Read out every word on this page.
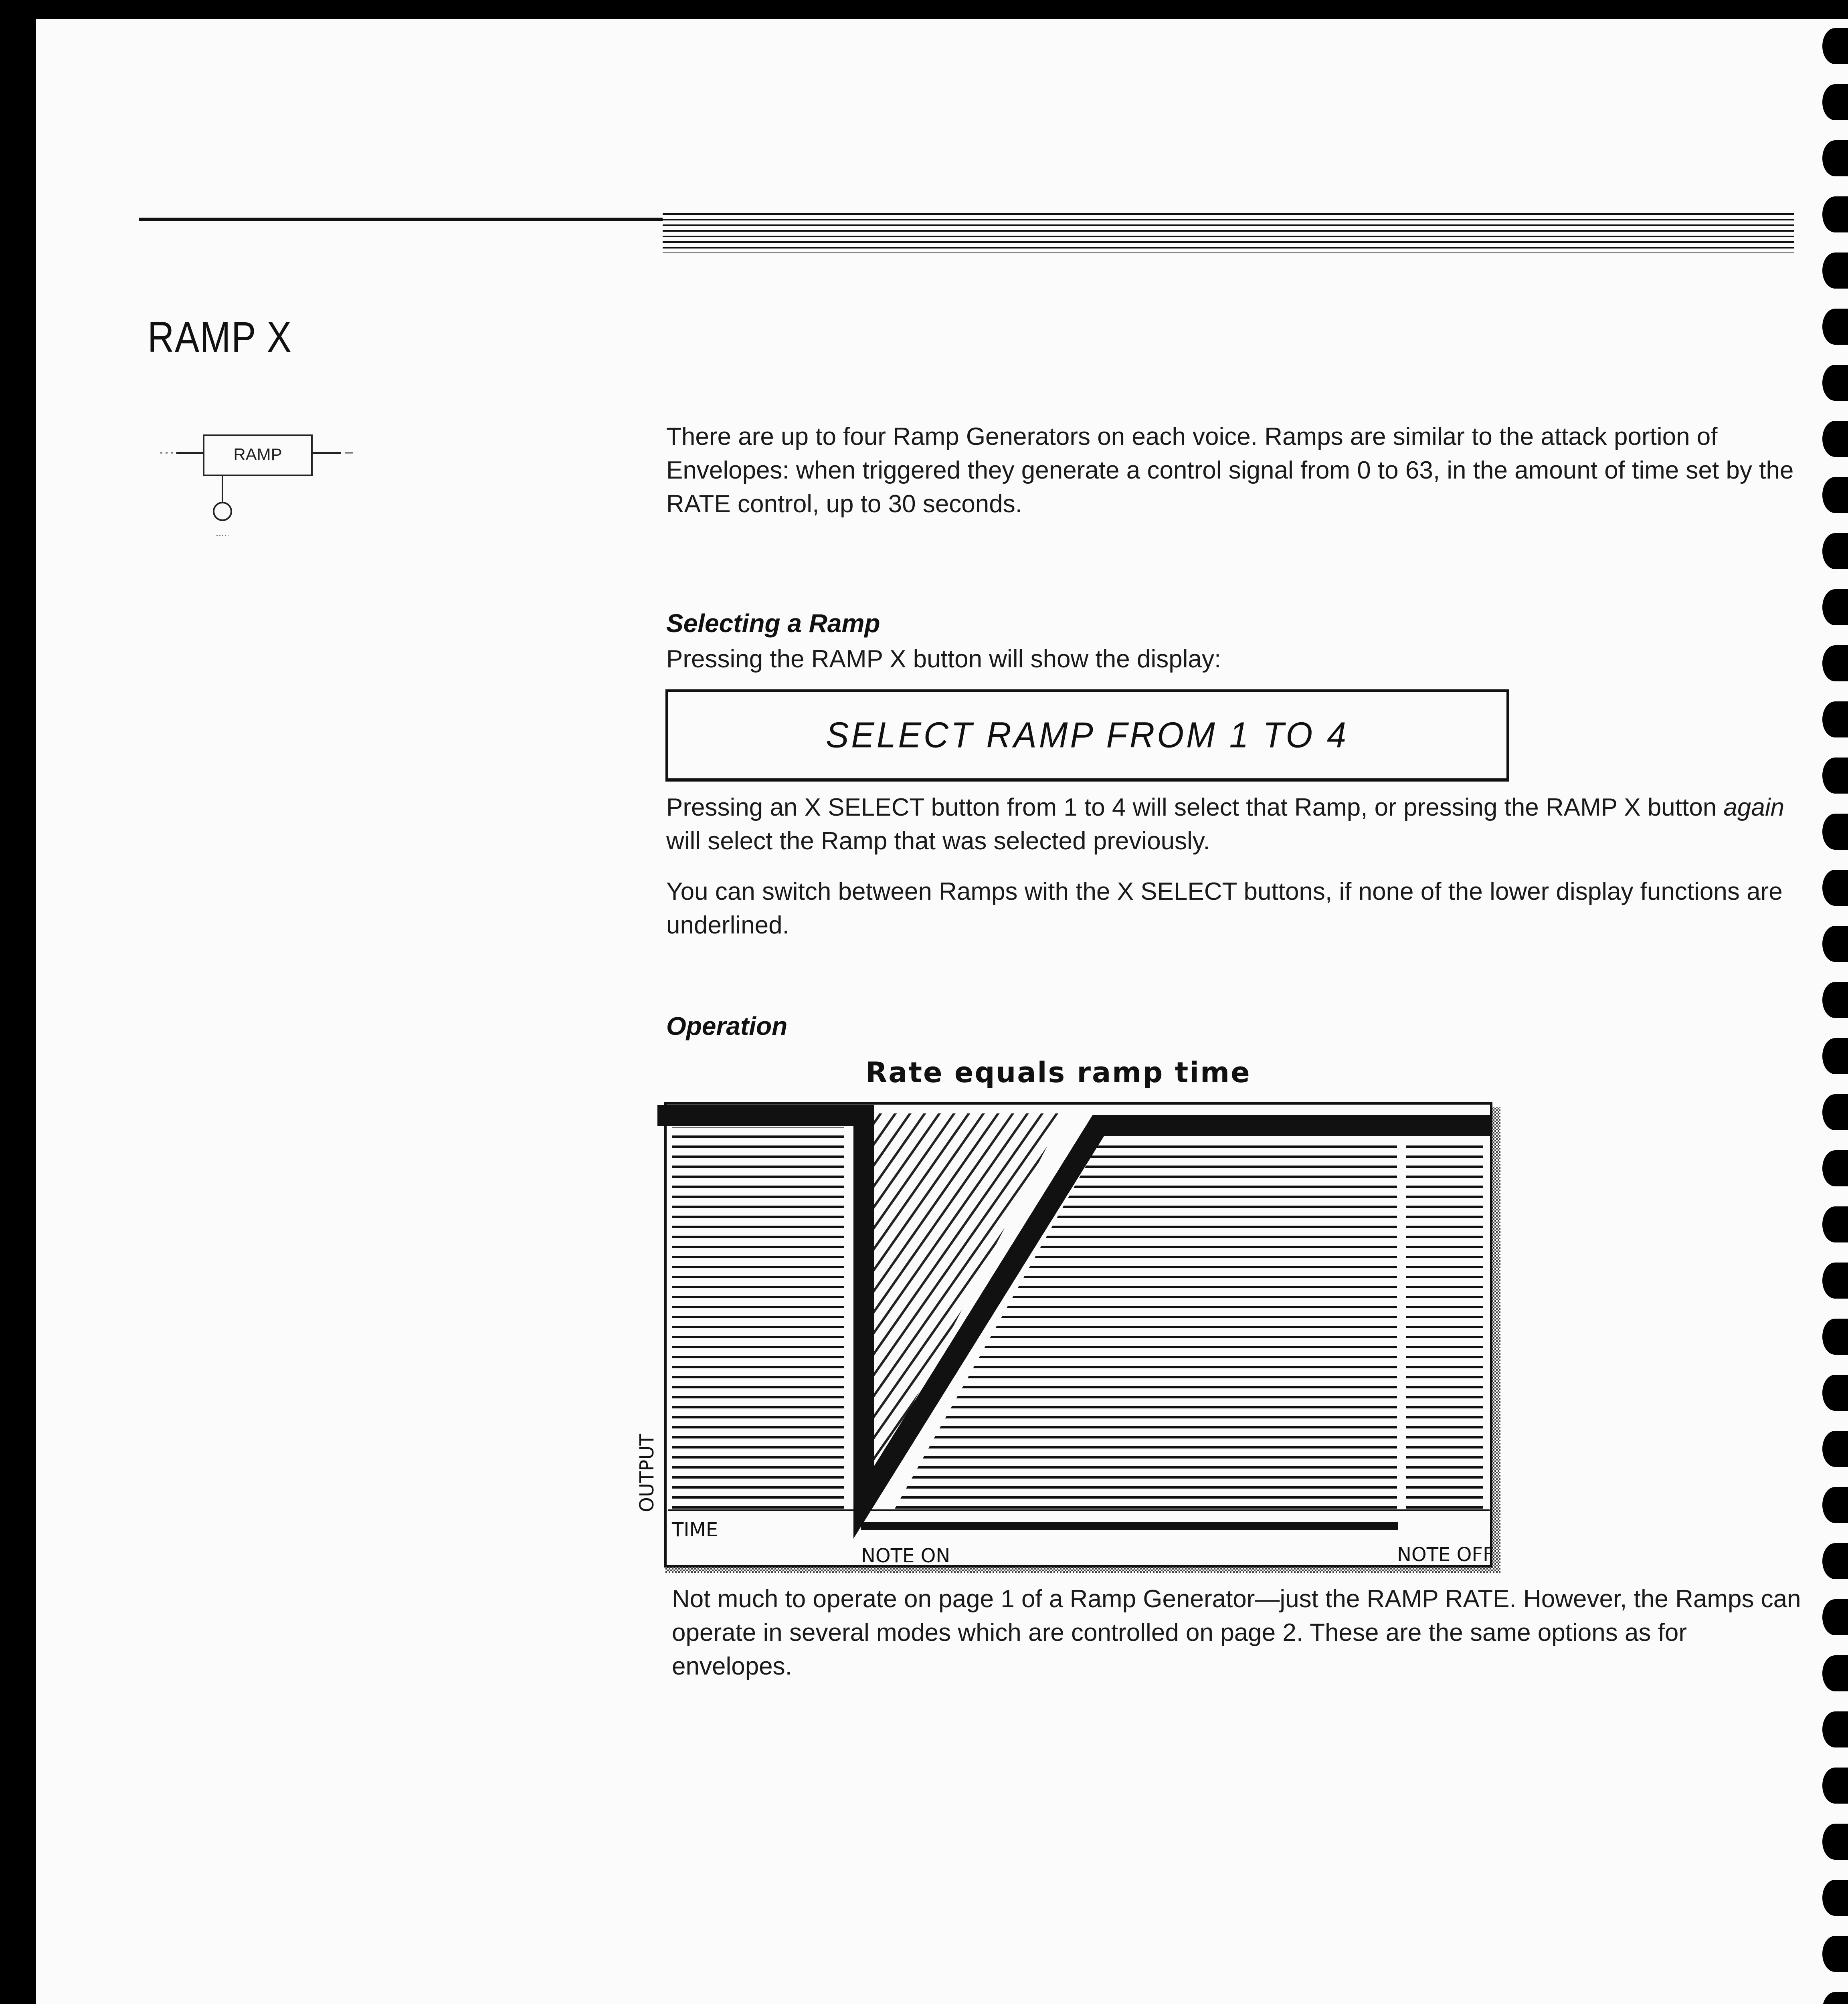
RAMP X
RAMP
There are up to four Ramp Generators on each voice. Ramps are similar to the attack portion of Envelopes: when triggered they generate a control signal from 0 to 63, in the amount of time set by the RATE control, up to 30 seconds.
Selecting a Ramp
Pressing the RAMP X button will show the display:
SELECT RAMP FROM 1 TO 4
Pressing an X SELECT button from 1 to 4 will select that Ramp, or pressing the RAMP X button again will select the Ramp that was selected previously.
You can switch between Ramps with the X SELECT buttons, if none of the lower display functions are underlined.
Operation
Rate equals ramp time
TIME
NOTE ON	NOTE OFF
OUTPUT
Not much to operate on page 1 of a Ramp Generator—just the RAMP RATE. However, the Ramps can operate in several modes which are controlled on page 2. These are the same options as for envelopes.
